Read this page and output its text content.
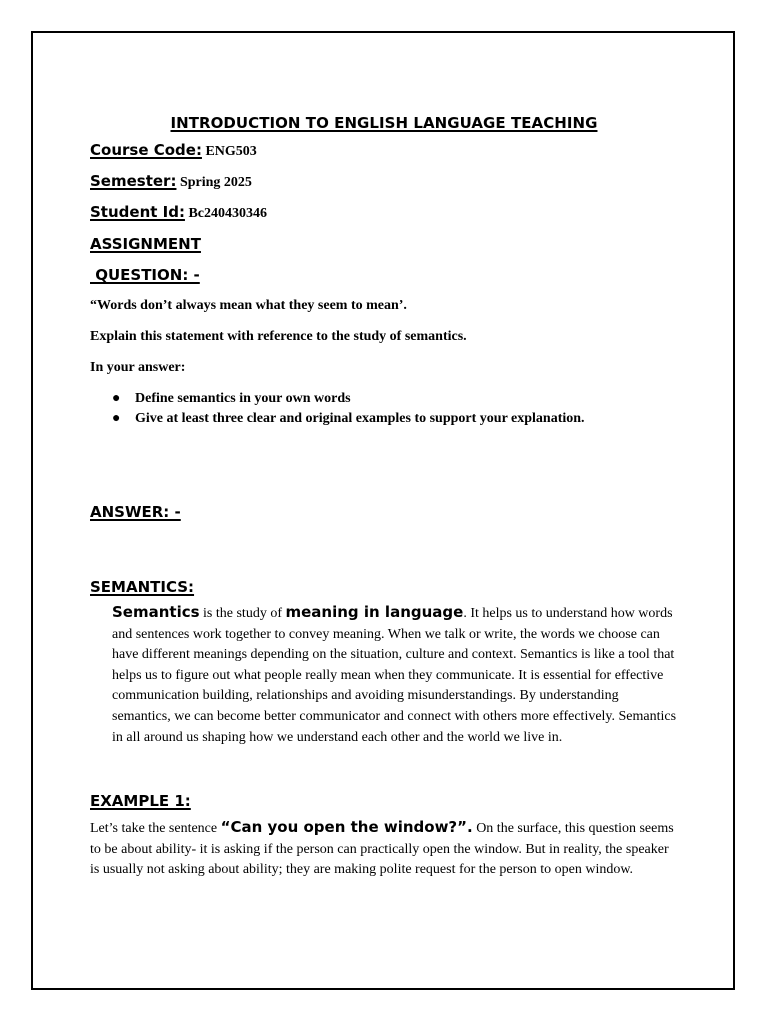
INTRODUCTION TO ENGLISH LANGUAGE TEACHING
Course Code: ENG503
Semester: Spring 2025
Student Id: Bc240430346
ASSIGNMENT
QUESTION: -
“Words don’t always mean what they seem to mean’.
Explain this statement with reference to the study of semantics.
In your answer:
● Define semantics in your own words
● Give at least three clear and original examples to support your explanation.
ANSWER: -
SEMANTICS:
Semantics is the study of meaning in language. It helps us to understand how words and sentences work together to convey meaning. When we talk or write, the words we choose can have different meanings depending on the situation, culture and context. Semantics is like a tool that helps us to figure out what people really mean when they communicate. It is essential for effective communication building, relationships and avoiding misunderstandings. By understanding semantics, we can become better communicator and connect with others more effectively. Semantics in all around us shaping how we understand each other and the world we live in.
EXAMPLE 1:
Let’s take the sentence “Can you open the window?”. On the surface, this question seems to be about ability- it is asking if the person can practically open the window. But in reality, the speaker is usually not asking about ability; they are making polite request for the person to open window.
